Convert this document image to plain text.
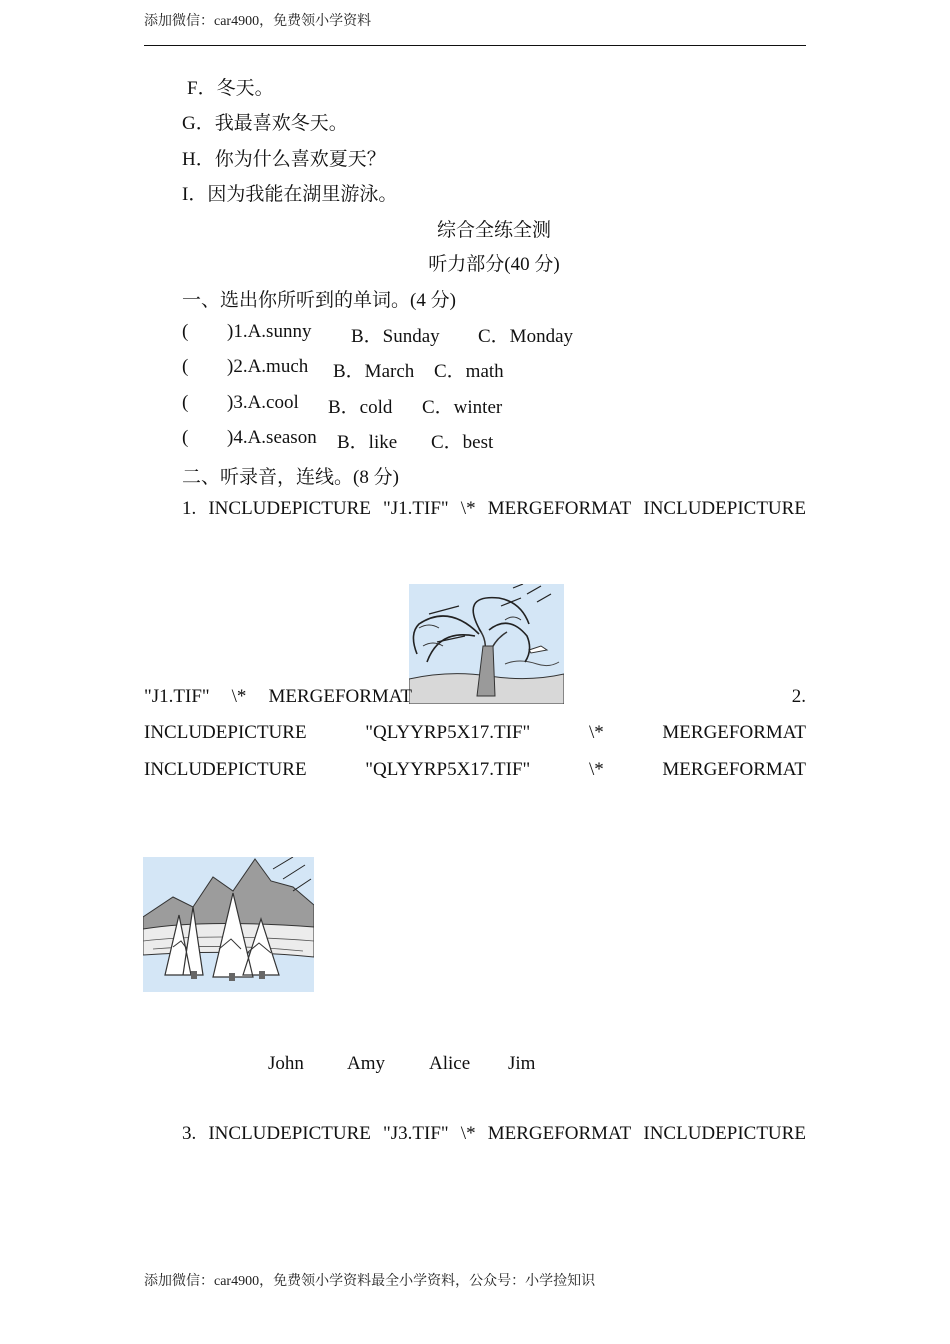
添加微信：car4900，免费领小学资料
F．冬天。
G．我最喜欢冬天。
H．你为什么喜欢夏天？
I．因为我能在湖里游泳。
综合全练全测
听力部分(40 分)
一、选出你所听到的单词。(4 分)
( )1.A.sunny B．Sunday C．Monday
( )2.A.much B．March C．math
( )3.A.cool B．cold C．winter
( )4.A.season B．like C．best
二、听录音，连线。(8 分)
1. INCLUDEPICTURE "J1.TIF" \* MERGEFORMAT INCLUDEPICTURE
"J1.TIF" \* MERGEFORMAT	2.
INCLUDEPICTURE	"QLYYRP5X17.TIF"	\*	MERGEFORMAT
INCLUDEPICTURE	"QLYYRP5X17.TIF"	\*	MERGEFORMAT
John Amy Alice Jim
3. INCLUDEPICTURE "J3.TIF" \* MERGEFORMAT INCLUDEPICTURE
添加微信：car4900，免费领小学资料最全小学资料，公众号：小学捡知识
